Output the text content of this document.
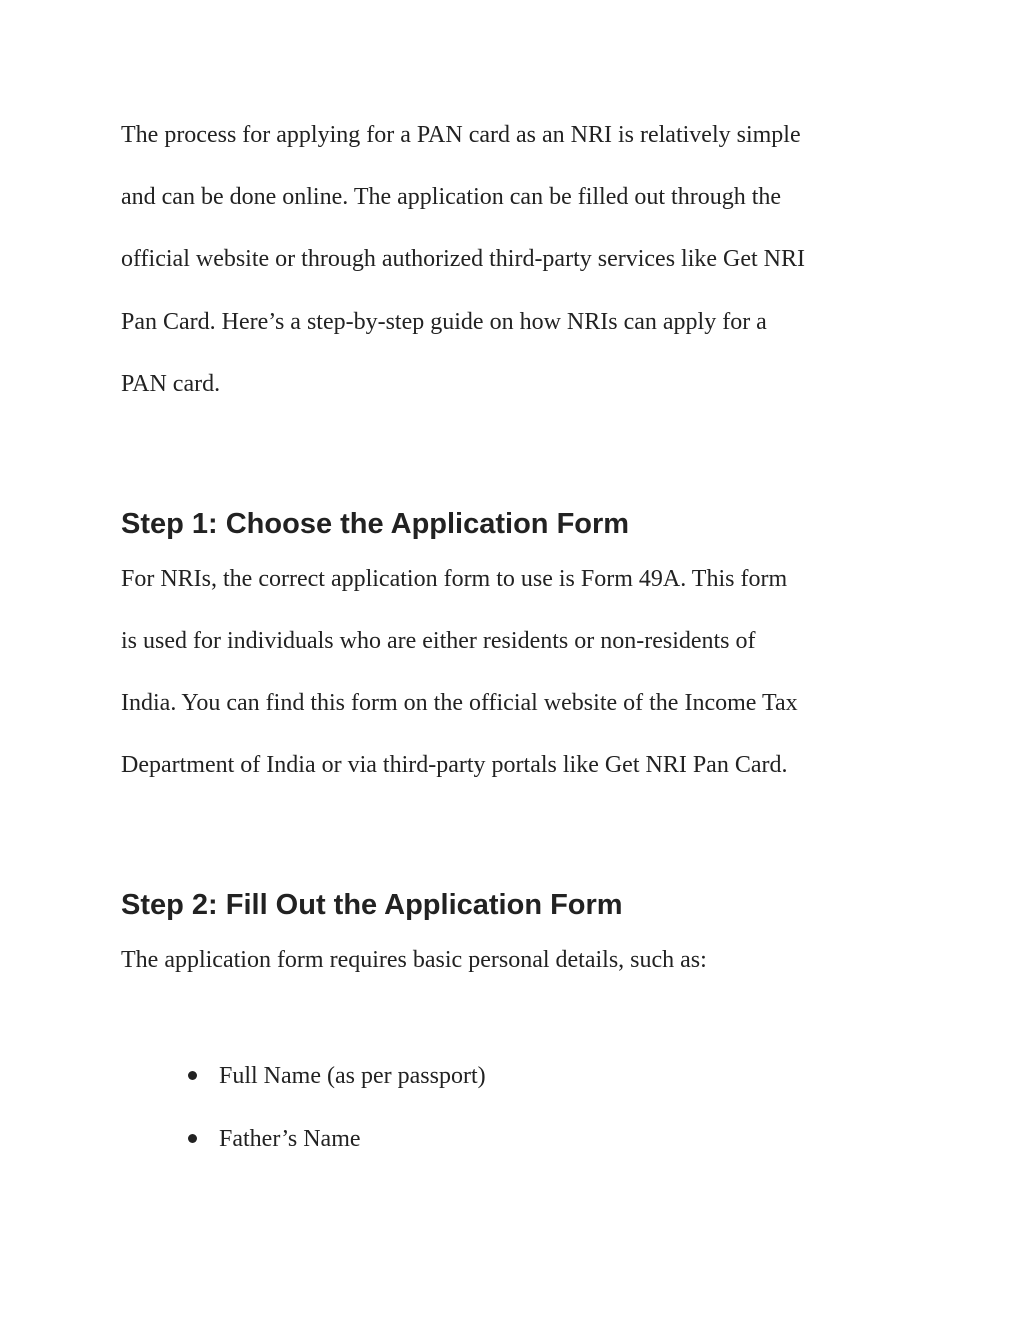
The process for applying for a PAN card as an NRI is relatively simple

and can be done online. The application can be filled out through the

official website or through authorized third-party services like Get NRI

Pan Card. Here’s a step-by-step guide on how NRIs can apply for a

PAN card.

Step 1: Choose the Application Form

For NRIs, the correct application form to use is Form 49A. This form

is used for individuals who are either residents or non-residents of

India. You can find this form on the official website of the Income Tax

Department of India or via third-party portals like Get NRI Pan Card.

Step 2: Fill Out the Application Form

The application form requires basic personal details, such as:

Full Name (as per passport)

Father’s Name
